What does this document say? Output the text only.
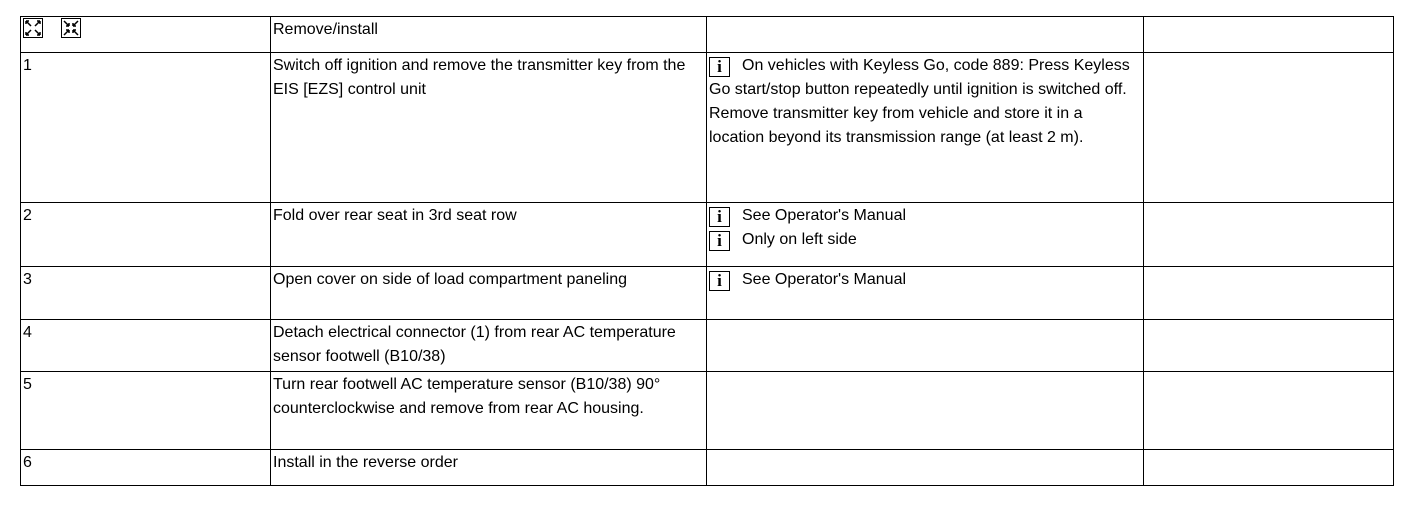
	Remove/install		
1	Switch off ignition and remove the transmitter key from the EIS [EZS] control unit	i On vehicles with Keyless Go, code 889: Press Keyless Go start/stop button repeatedly until ignition is switched off. Remove transmitter key from vehicle and store it in a location beyond its transmission range (at least 2 m).	
2	Fold over rear seat in 3rd seat row	i See Operator's Manual
i Only on left side	

3	Open cover on side of load compartment paneling	i See Operator's Manual	
4	Detach electrical connector (1) from rear AC temperature sensor footwell (B10/38)		
5	Turn rear footwell AC temperature sensor (B10/38) 90° counterclockwise and remove from rear AC housing.		
6	Install in the reverse order		
